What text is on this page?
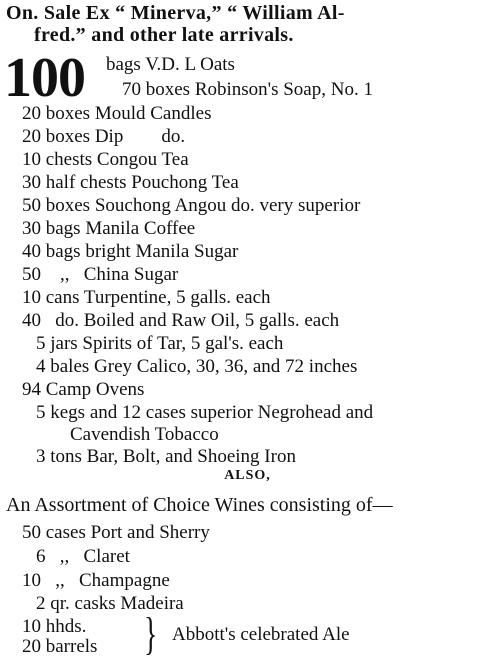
On. Sale Ex “ Minerva,” “ William Al-
fred.” and other late arrivals.
100 bags V.D. L Oats
70 boxes Robinson's Soap, No. 1
20 boxes Mould Candles
20 boxes Dip        do.
10 chests Congou Tea
30 half chests Pouchong Tea
50 boxes Souchong Angou do. very superior
30 bags Manila Coffee
40 bags bright Manila Sugar
50    ,,   China Sugar
10 cans Turpentine, 5 galls. each
40   do. Boiled and Raw Oil, 5 galls. each
5 jars Spirits of Tar, 5 gal's. each
4 bales Grey Calico, 30, 36, and 72 inches
94 Camp Ovens
5 kegs and 12 cases superior Negrohead and
Cavendish Tobacco
3 tons Bar, Bolt, and Shoeing Iron
ALSO,
An Assortment of Choice Wines consisting of—
50 cases Port and Sherry
6   ,,   Claret
10   ,,   Champagne
2 qr. casks Madeira
10 hhds.
20 barrels } Abbott's celebrated Ale
